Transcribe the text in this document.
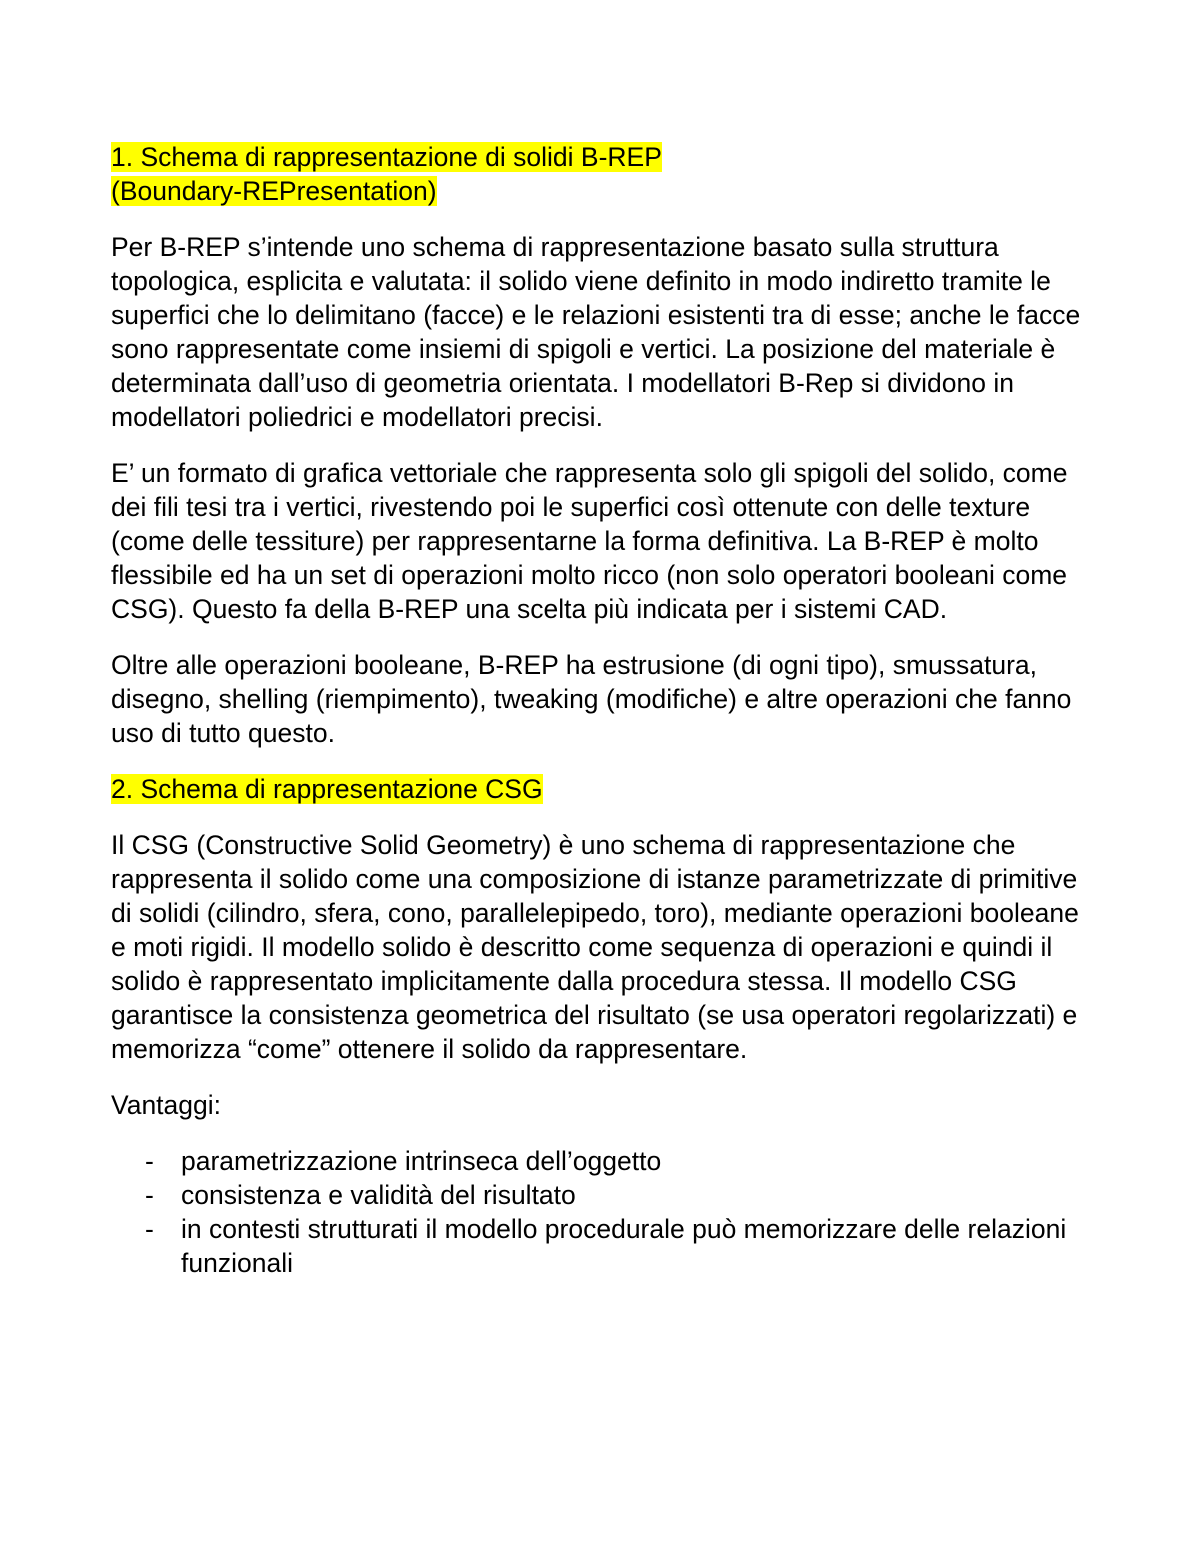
1. Schema di rappresentazione di solidi B-REP
(Boundary-REPresentation)

Per B-REP s’intende uno schema di rappresentazione basato sulla struttura topologica, esplicita e valutata: il solido viene definito in modo indiretto tramite le superfici che lo delimitano (facce) e le relazioni esistenti tra di esse; anche le facce sono rappresentate come insiemi di spigoli e vertici. La posizione del materiale è determinata dall’uso di geometria orientata. I modellatori B-Rep si dividono in modellatori poliedrici e modellatori precisi.

E’ un formato di grafica vettoriale che rappresenta solo gli spigoli del solido, come dei fili tesi tra i vertici, rivestendo poi le superfici così ottenute con delle texture (come delle tessiture) per rappresentarne la forma definitiva. La B-REP è molto flessibile ed ha un set di operazioni molto ricco (non solo operatori booleani come CSG). Questo fa della B-REP una scelta più indicata per i sistemi CAD.

Oltre alle operazioni booleane, B-REP ha estrusione (di ogni tipo), smussatura, disegno, shelling (riempimento), tweaking (modifiche) e altre operazioni che fanno uso di tutto questo.

2. Schema di rappresentazione CSG

Il CSG (Constructive Solid Geometry) è uno schema di rappresentazione che rappresenta il solido come una composizione di istanze parametrizzate di primitive di solidi (cilindro, sfera, cono, parallelepipedo, toro), mediante operazioni booleane e moti rigidi. Il modello solido è descritto come sequenza di operazioni e quindi il solido è rappresentato implicitamente dalla procedura stessa. Il modello CSG garantisce la consistenza geometrica del risultato (se usa operatori regolarizzati) e memorizza “come” ottenere il solido da rappresentare.

Vantaggi:

- parametrizzazione intrinseca dell’oggetto
- consistenza e validità del risultato
- in contesti strutturati il modello procedurale può memorizzare delle relazioni funzionali
